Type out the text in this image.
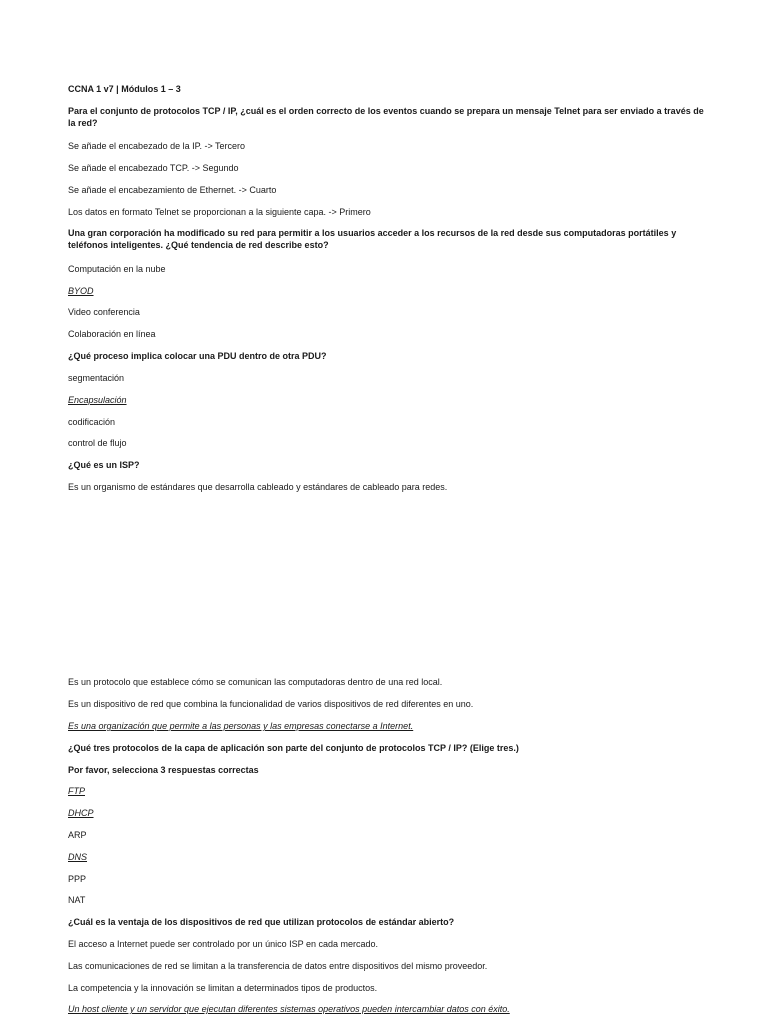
CCNA 1 v7 | Módulos 1 – 3
Para el conjunto de protocolos TCP / IP, ¿cuál es el orden correcto de los eventos cuando se prepara un mensaje Telnet para ser enviado a través de la red?
Se añade el encabezado de la IP. -> Tercero
Se añade el encabezado TCP. -> Segundo
Se añade el encabezamiento de Ethernet. -> Cuarto
Los datos en formato Telnet se proporcionan a la siguiente capa. -> Primero
Una gran corporación ha modificado su red para permitir a los usuarios acceder a los recursos de la red desde sus computadoras portátiles y teléfonos inteligentes. ¿Qué tendencia de red describe esto?
Computación en la nube
BYOD
Video conferencia
Colaboración en línea
¿Qué proceso implica colocar una PDU dentro de otra PDU?
segmentación
Encapsulación
codificación
control de flujo
¿Qué es un ISP?
Es un organismo de estándares que desarrolla cableado y estándares de cableado para redes.
Es un protocolo que establece cómo se comunican las computadoras dentro de una red local.
Es un dispositivo de red que combina la funcionalidad de varios dispositivos de red diferentes en uno.
Es una organización que permite a las personas y las empresas conectarse a Internet.
¿Qué tres protocolos de la capa de aplicación son parte del conjunto de protocolos TCP / IP? (Elige tres.)
Por favor, selecciona 3 respuestas correctas
FTP
DHCP
ARP
DNS
PPP
NAT
¿Cuál es la ventaja de los dispositivos de red que utilizan protocolos de estándar abierto?
El acceso a Internet puede ser controlado por un único ISP en cada mercado.
Las comunicaciones de red se limitan a la transferencia de datos entre dispositivos del mismo proveedor.
La competencia y la innovación se limitan a determinados tipos de productos.
Un host cliente y un servidor que ejecutan diferentes sistemas operativos pueden intercambiar datos con éxito.
